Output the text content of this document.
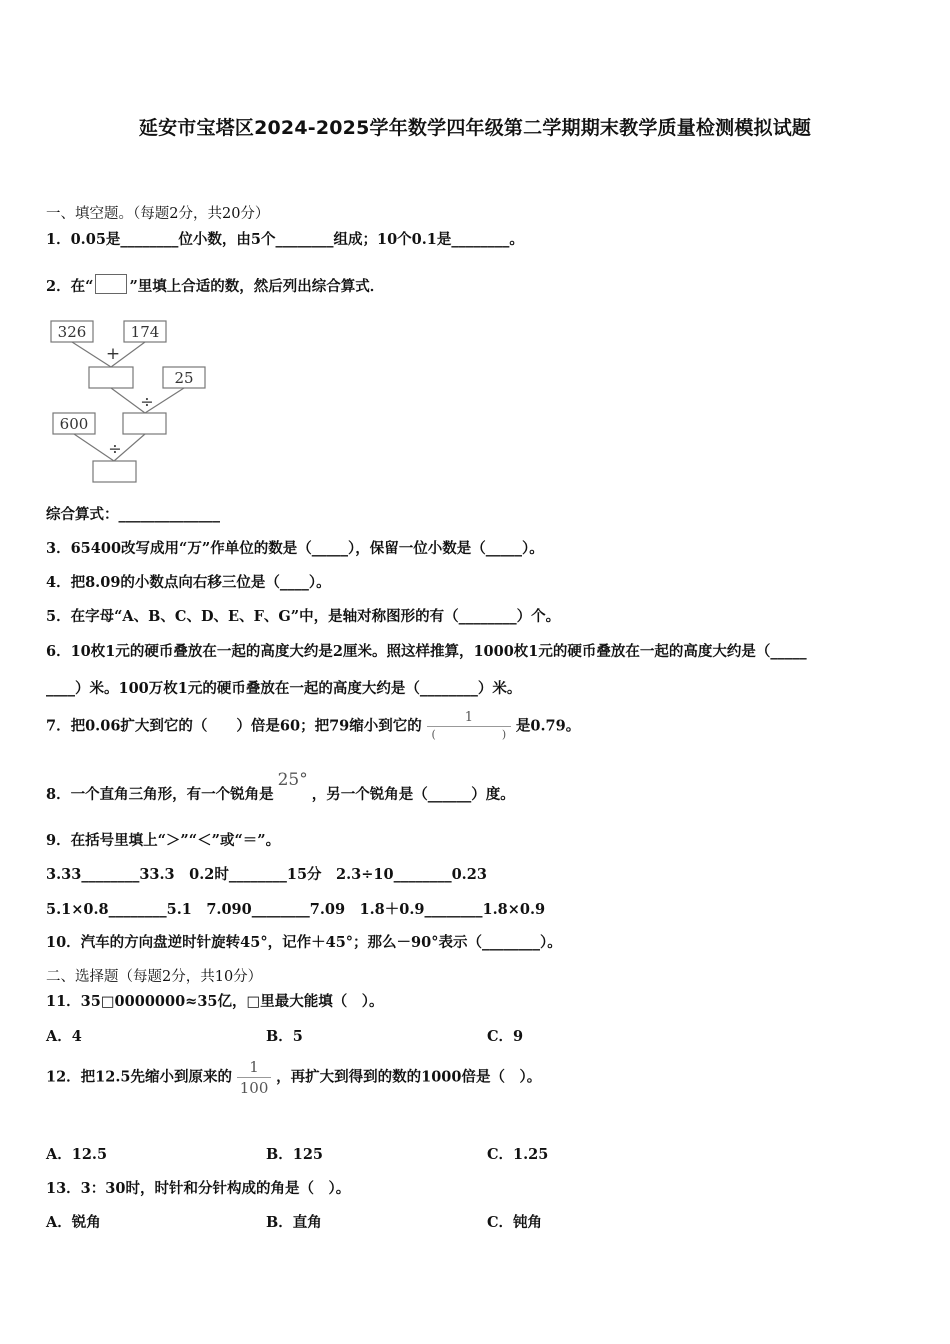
延安市宝塔区2024-2025学年数学四年级第二学期期末教学质量检测模拟试题
一、填空题。（每题2分，共20分）
1．0.05是________位小数，由5个________组成；10个0.1是________。
2．在“ ”里填上合适的数，然后列出综合算式．
326	174
25
600
+
÷
÷
综合算式：______________
3．65400改写成用“万”作单位的数是（_____），保留一位小数是（_____）。
4．把8.09的小数点向右移三位是（____）。
5．在字母“A、B、C、D、E、F、G”中，是轴对称图形的有（________）个。
6．10枚1元的硬币叠放在一起的高度大约是2厘米。照这样推算，1000枚1元的硬币叠放在一起的高度大约是（_____
____）米。100万枚1元的硬币叠放在一起的高度大约是（________）米。
7．把0.06扩大到它的（　　）倍是60；把79缩小到它的 $\frac{1}{( )}$ 是0.79。
8．一个直角三角形，有一个锐角是25°，另一个锐角是（______）度。
9．在括号里填上“＞”“＜”或“＝”。
3.33________33.3　0.2时________15分　2.3÷10________0.23
5.1×0.8________5.1　7.090________7.09　1.8＋0.9________1.8×0.9
10．汽车的方向盘逆时针旋转45°，记作＋45°；那么－90°表示（________）。
二、选择题（每题2分，共10分）
11．35□0000000≈35亿，□里最大能填（　）。
A．4	B．5	C．9
12．把12.5先缩小到原来的 $\frac{1}{100}$ ，再扩大到得到的数的1000倍是（　）。
A．12.5	B．125	C．1.25
13．3：30时，时针和分针构成的角是（　）。
A．锐角	B．直角	C．钝角
